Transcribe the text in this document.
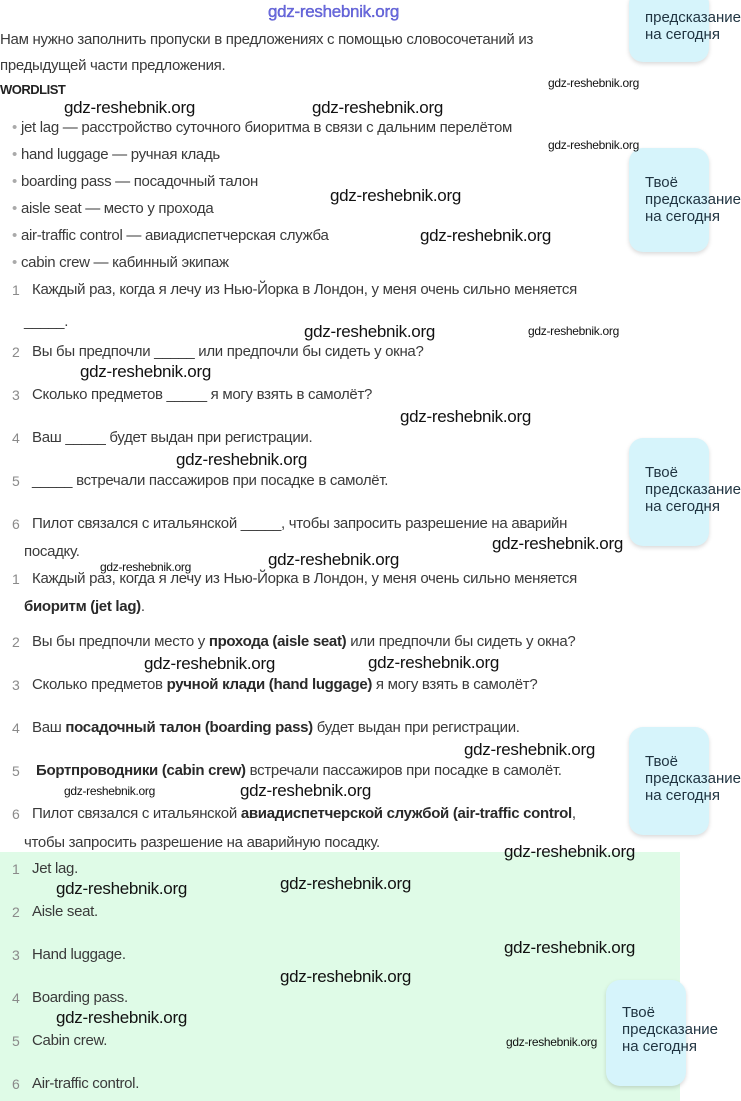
gdz-reshebnik.org
Нам нужно заполнить пропуски в предложениях с помощью словосочетаний из
предыдущей части предложения.
WORDLIST
• jet lag — расстройство суточного биоритма в связи с дальним перелётом
• hand luggage — ручная кладь
• boarding pass — посадочный талон
• aisle seat — место у прохода
• air-traffic control — авиадиспетчерская служба
• cabin crew — кабинный экипаж
1 Каждый раз, когда я лечу из Нью-Йорка в Лондон, у меня очень сильно меняется
_____.
2 Вы бы предпочли _____ или предпочли бы сидеть у окна?
3 Сколько предметов _____ я могу взять в самолёт?
4 Ваш _____ будет выдан при регистрации.
5 _____ встречали пассажиров при посадке в самолёт.
6 Пилот связался с итальянской _____, чтобы запросить разрешение на аварийн
посадку.
1 Каждый раз, когда я лечу из Нью-Йорка в Лондон, у меня очень сильно меняется
биоритм (jet lag).
2 Вы бы предпочли место у прохода (aisle seat) или предпочли бы сидеть у окна?
3 Сколько предметов ручной клади (hand luggage) я могу взять в самолёт?
4 Ваш посадочный талон (boarding pass) будет выдан при регистрации.
5 Бортпроводники (cabin crew) встречали пассажиров при посадке в самолёт.
6 Пилот связался с итальянской авиадиспетчерской службой (air-traffic control,
чтобы запросить разрешение на аварийную посадку.
1 Jet lag.
2 Aisle seat.
3 Hand luggage.
4 Boarding pass.
5 Cabin crew.
6 Air-traffic control.
предсказание
на сегодня
Твоё
предсказание
на сегодня
Твоё
предсказание
на сегодня
Твоё
предсказание
на сегодня
Твоё
предсказание
на сегодня
gdz-reshebnik.org	gdz-reshebnik.org
gdz-reshebnik.org
gdz-reshebnik.org
gdz-reshebnik.org
gdz-reshebnik.org
gdz-reshebnik.org
gdz-reshebnik.org
gdz-reshebnik.org
gdz-reshebnik.org
gdz-reshebnik.org
gdz-reshebnik.org
gdz-reshebnik.org
gdz-reshebnik.org
gdz-reshebnik.org
gdz-reshebnik.org
gdz-reshebnik.org
gdz-reshebnik.org
gdz-reshebnik.org
gdz-reshebnik.org
gdz-reshebnik.org
gdz-reshebnik.org
gdz-reshebnik.org
gdz-reshebnik.org
gdz-reshebnik.org
gdz-reshebnik.org
